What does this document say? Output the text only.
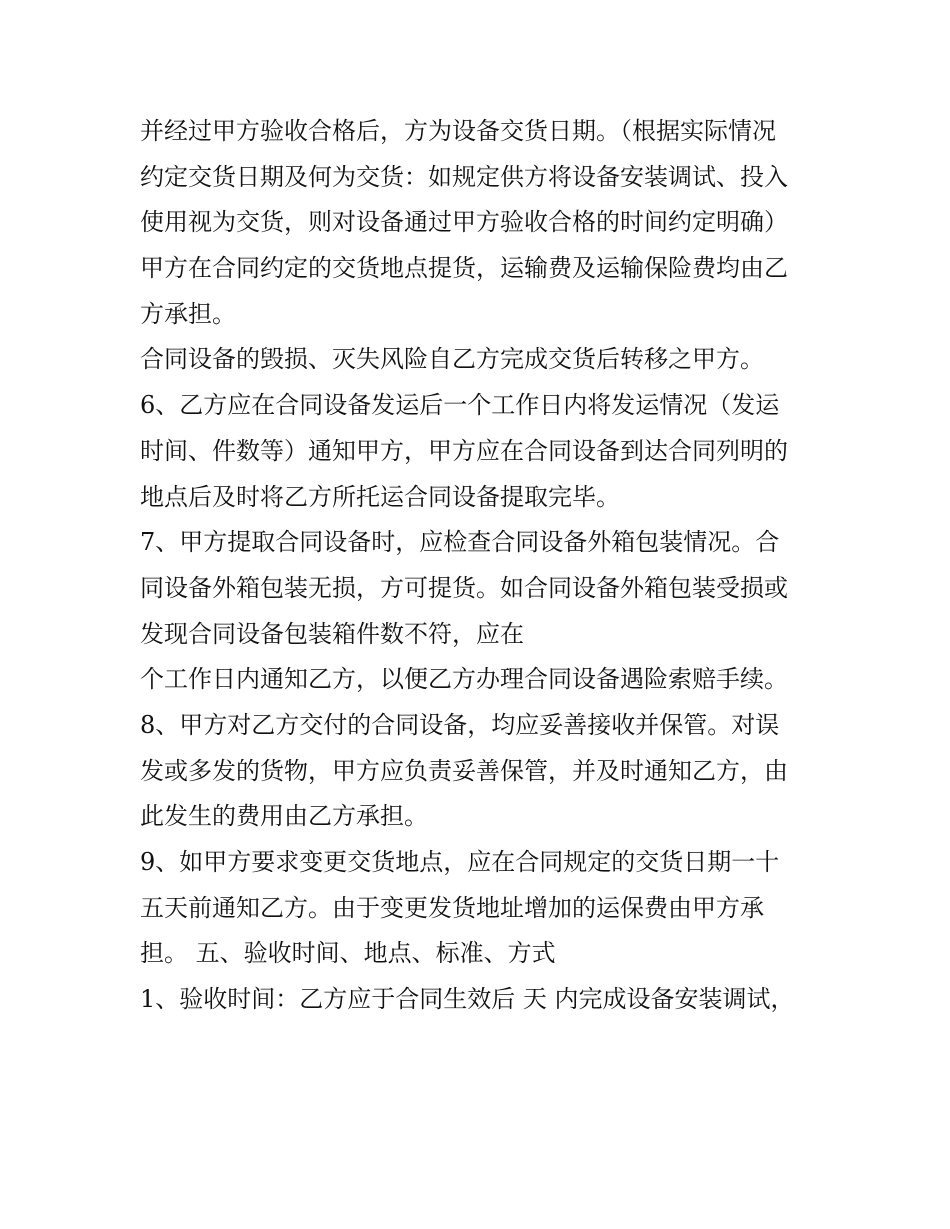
并经过甲方验收合格后，方为设备交货日期。（根据实际情况
约定交货日期及何为交货：如规定供方将设备安装调试、投入
使用视为交货，则对设备通过甲方验收合格的时间约定明确）
甲方在合同约定的交货地点提货，运输费及运输保险费均由乙
方承担。
合同设备的毁损、灭失风险自乙方完成交货后转移之甲方。
6、乙方应在合同设备发运后一个工作日内将发运情况（发运
时间、件数等）通知甲方，甲方应在合同设备到达合同列明的
地点后及时将乙方所托运合同设备提取完毕。
7、甲方提取合同设备时，应检查合同设备外箱包装情况。合
同设备外箱包装无损，方可提货。如合同设备外箱包装受损或
发现合同设备包装箱件数不符，应在
个工作日内通知乙方，以便乙方办理合同设备遇险索赔手续。
8、甲方对乙方交付的合同设备，均应妥善接收并保管。对误
发或多发的货物，甲方应负责妥善保管，并及时通知乙方，由
此发生的费用由乙方承担。
9、如甲方要求变更交货地点，应在合同规定的交货日期一十
五天前通知乙方。由于变更发货地址增加的运保费由甲方承
担。 五、验收时间、地点、标准、方式
1、验收时间：乙方应于合同生效后 天 内完成设备安装调试，
